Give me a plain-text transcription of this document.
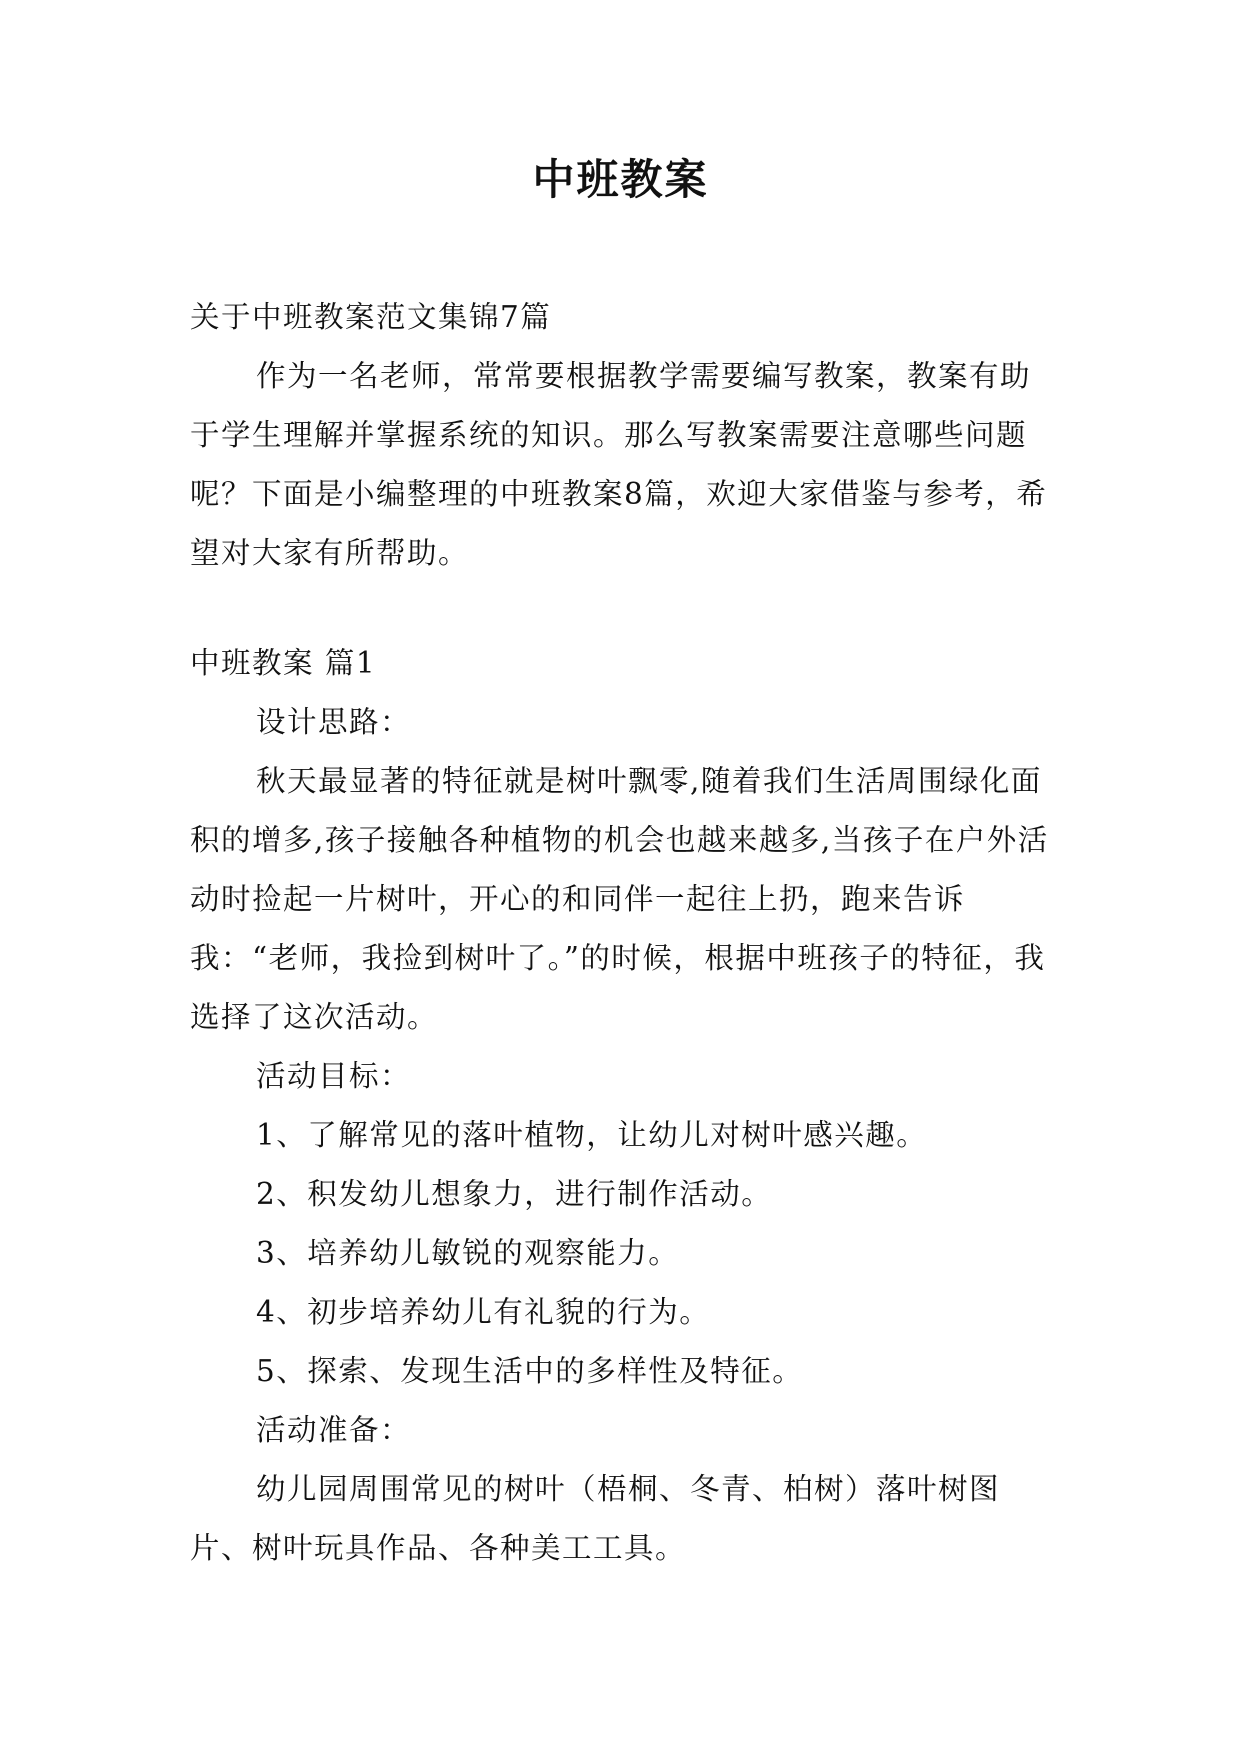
中班教案

关于中班教案范文集锦7篇

作为一名老师，常常要根据教学需要编写教案，教案有助于学生理解并掌握系统的知识。那么写教案需要注意哪些问题呢？下面是小编整理的中班教案8篇，欢迎大家借鉴与参考，希望对大家有所帮助。

中班教案 篇1

设计思路：

秋天最显著的特征就是树叶飘零,随着我们生活周围绿化面积的增多,孩子接触各种植物的机会也越来越多,当孩子在户外活动时捡起一片树叶，开心的和同伴一起往上扔，跑来告诉我：“老师，我捡到树叶了。”的时候，根据中班孩子的特征，我选择了这次活动。

活动目标：

1、了解常见的落叶植物，让幼儿对树叶感兴趣。

2、积发幼儿想象力，进行制作活动。

3、培养幼儿敏锐的观察能力。

4、初步培养幼儿有礼貌的行为。

5、探索、发现生活中的多样性及特征。

活动准备：

幼儿园周围常见的树叶（梧桐、冬青、柏树）落叶树图片、树叶玩具作品、各种美工工具。
